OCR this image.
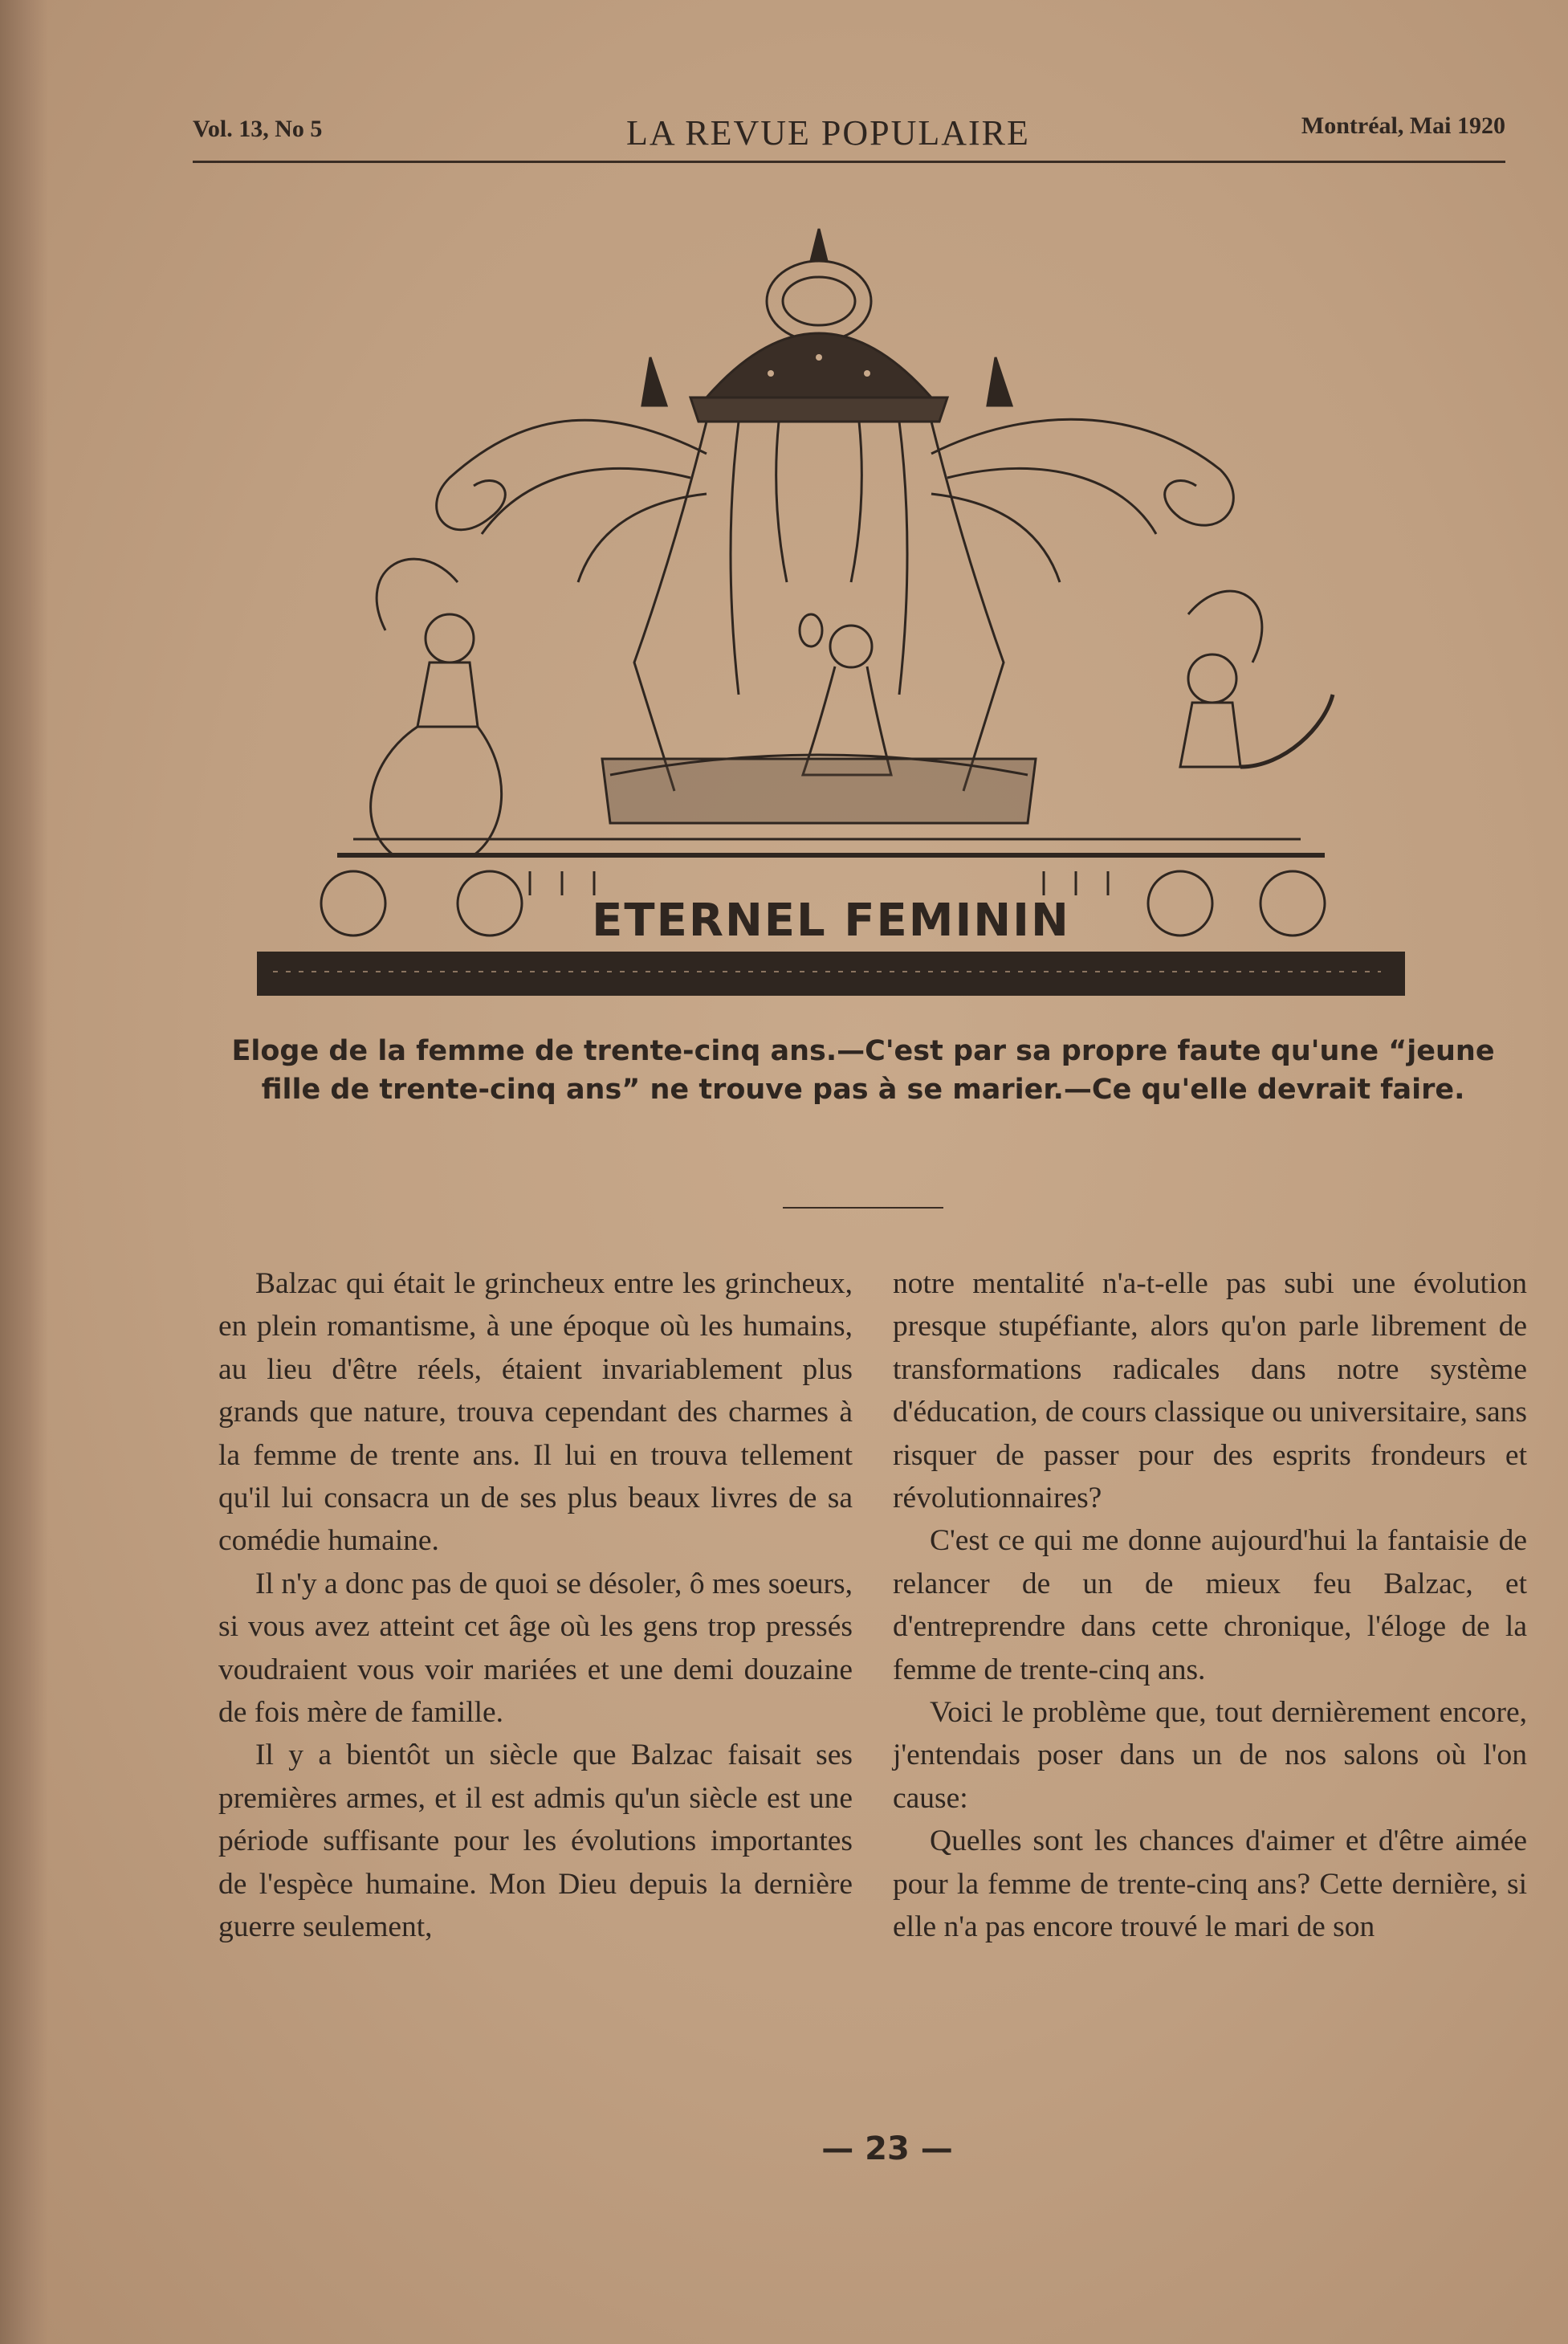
Vol. 13, No 5	LA REVUE POPULAIRE	Montréal, Mai 1920
ETERNEL FEMININ
Eloge de la femme de trente-cinq ans.—C'est par sa propre faute qu'une “jeune fille de trente-cinq ans” ne trouve pas à se marier.—Ce qu'elle devrait faire.

Balzac qui était le grincheux entre les grincheux, en plein romantisme, à une époque où les humains, au lieu d'être réels, étaient invariablement plus grands que nature, trouva cependant des charmes à la femme de trente ans. Il lui en trouva tellement qu'il lui consacra un de ses plus beaux livres de sa comédie humaine.

Il n'y a donc pas de quoi se désoler, ô mes soeurs, si vous avez atteint cet âge où les gens trop pressés voudraient vous voir mariées et une demi douzaine de fois mère de famille.

Il y a bientôt un siècle que Balzac faisait ses premières armes, et il est admis qu'un siècle est une période suffisante pour les évolutions importantes de l'espèce humaine. Mon Dieu depuis la dernière guerre seulement,

notre mentalité n'a-t-elle pas subi une évolution presque stupéfiante, alors qu'on parle librement de transformations radicales dans notre système d'éducation, de cours classique ou universitaire, sans risquer de passer pour des esprits frondeurs et révolutionnaires?

C'est ce qui me donne aujourd'hui la fantaisie de relancer de un de mieux feu Balzac, et d'entreprendre dans cette chronique, l'éloge de la femme de trente-cinq ans.

Voici le problème que, tout dernièrement encore, j'entendais poser dans un de nos salons où l'on cause:

Quelles sont les chances d'aimer et d'être aimée pour la femme de trente-cinq ans? Cette dernière, si elle n'a pas encore trouvé le mari de son

— 23 —
